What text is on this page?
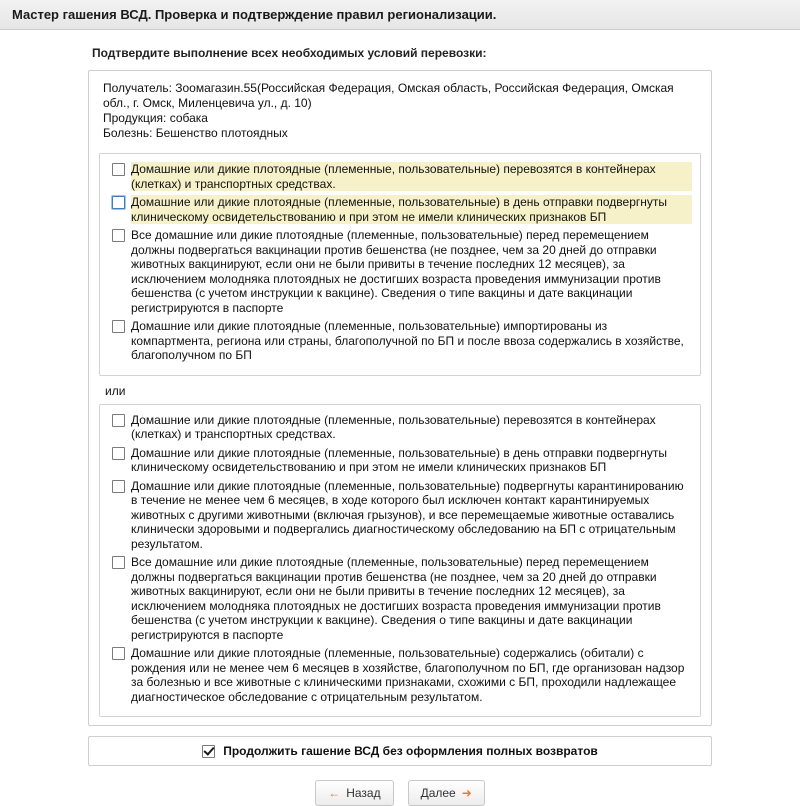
Мастер гашения ВСД. Проверка и подтверждение правил регионализации.
Подтвердите выполнение всех необходимых условий перевозки:
Получатель: Зоомагазин.55(Российская Федерация, Омская область, Российская Федерация, Омская обл., г. Омск, Миленцевича ул., д. 10)
Продукция: собака
Болезнь: Бешенство плотоядных
Домашние или дикие плотоядные (племенные, пользовательные) перевозятся в контейнерах (клетках) и транспортных средствах.
Домашние или дикие плотоядные (племенные, пользовательные) в день отправки подвергнуты клиническому освидетельствованию и при этом не имели клинических признаков БП
Все домашние или дикие плотоядные (племенные, пользовательные) перед перемещением должны подвергаться вакцинации против бешенства (не позднее, чем за 20 дней до отправки животных вакцинируют, если они не были привиты в течение последних 12 месяцев), за исключением молодняка плотоядных не достигших возраста проведения иммунизации против бешенства (с учетом инструкции к вакцине). Сведения о типе вакцины и дате вакцинации регистрируются в паспорте
Домашние или дикие плотоядные (племенные, пользовательные) импортированы из компартмента, региона или страны, благополучной по БП и после ввоза содержались в хозяйстве, благополучном по БП
или
Домашние или дикие плотоядные (племенные, пользовательные) перевозятся в контейнерах (клетках) и транспортных средствах.
Домашние или дикие плотоядные (племенные, пользовательные) в день отправки подвергнуты клиническому освидетельствованию и при этом не имели клинических признаков БП
Домашние или дикие плотоядные (племенные, пользовательные) подвергнуты карантинированию в течение не менее чем 6 месяцев, в ходе которого был исключен контакт карантинируемых животных с другими животными (включая грызунов), и все перемещаемые животные оставались клинически здоровыми и подвергались диагностическому обследованию на БП с отрицательным результатом.
Все домашние или дикие плотоядные (племенные, пользовательные) перед перемещением должны подвергаться вакцинации против бешенства (не позднее, чем за 20 дней до отправки животных вакцинируют, если они не были привиты в течение последних 12 месяцев), за исключением молодняка плотоядных не достигших возраста проведения иммунизации против бешенства (с учетом инструкции к вакцине). Сведения о типе вакцины и дате вакцинации регистрируются в паспорте
Домашние или дикие плотоядные (племенные, пользовательные) содержались (обитали) с рождения или не менее чем 6 месяцев в хозяйстве, благополучном по БП, где организован надзор за болезнью и все животные с клиническими признаками, схожими с БП, проходили надлежащее диагностическое обследование с отрицательным результатом.
Продолжить гашение ВСД без оформления полных возвратов
← Назад	Далее ➜
